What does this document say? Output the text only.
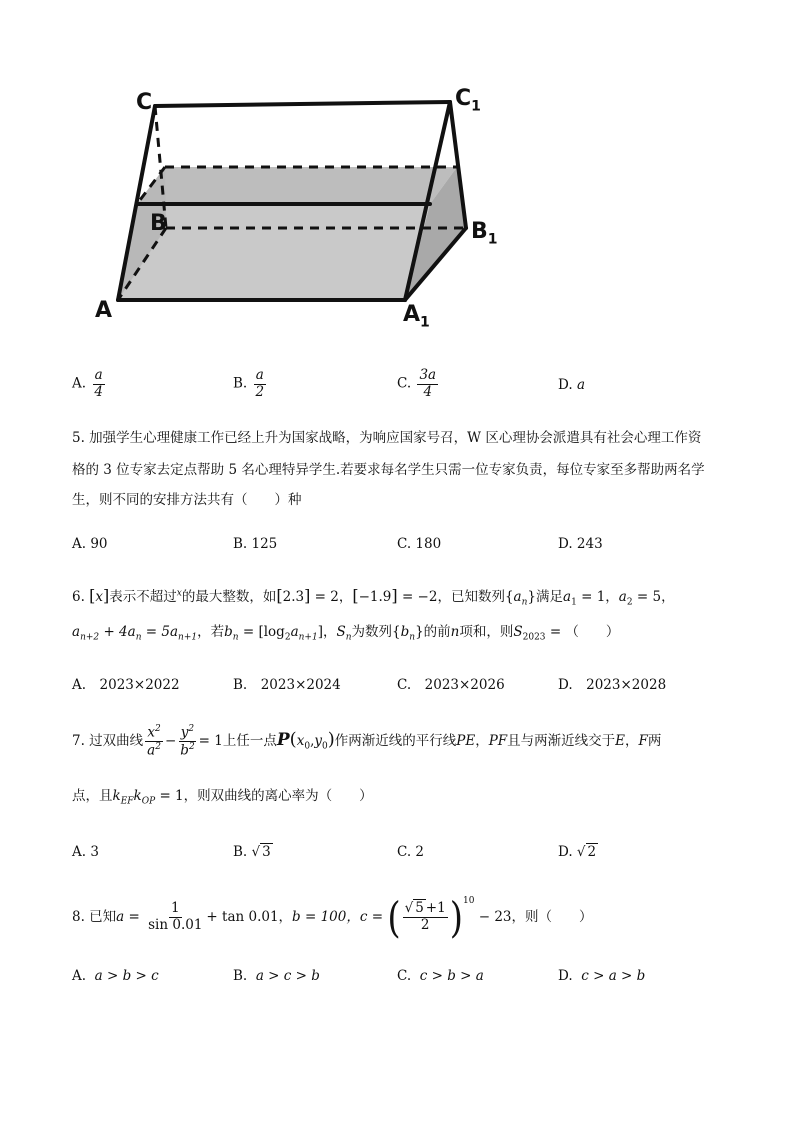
C	$C_1$
B	$B_1$
A	$A_1$
A. $\frac{a}{4}$	B. $\frac{a}{2}$	C. $\frac{3a}{4}$	D. a
5. 加强学生心理健康工作已经上升为国家战略，为响应国家号召，W 区心理协会派遣具有社会心理工作资
格的 3 位专家去定点帮助 5 名心理特异学生.若要求每名学生只需一位专家负责，每位专家至多帮助两名学
生，则不同的安排方法共有（　　）种
A. 90	B. 125	C. 180	D. 243
6. [x]表示不超过$^x$的最大整数，如[2.3] = 2，[−1.9] = −2，已知数列$\{a_n\}$满足$a_1 = 1$，$a_2 = 5$，
$a_{n+2} + 4a_n = 5a_{n+1}$，若$b_n = [\log_2a_{n+1}]$，$S_n$为数列$\{b_n\}$的前n项和，则$S_{2023}$ = （　　）
A.　2023×2022	B.　2023×2024	C.　2023×2026	D.　2023×2028
7. 过双曲线 $\frac{x^2}{a^2} - \frac{y^2}{b^2} = 1$上任一点$P(x_0,y_0)$作两渐近线的平行线PE，PF且与两渐近线交于E，F两
点，且$k_{EF}k_{OP} = 1$，则双曲线的离心率为（　　）
A. 3	B. √ 3	C. 2	D. √ 2
8. 已知$a = \frac{1}{\sin 0.01} + \tan 0.01$，b = 100，c = ( $\frac{√ 5 +1}{2} )^{10} - 23$，则（　　）
A. a > b > c	B. a > c > b	C. c > b > a	D. c > a > b
